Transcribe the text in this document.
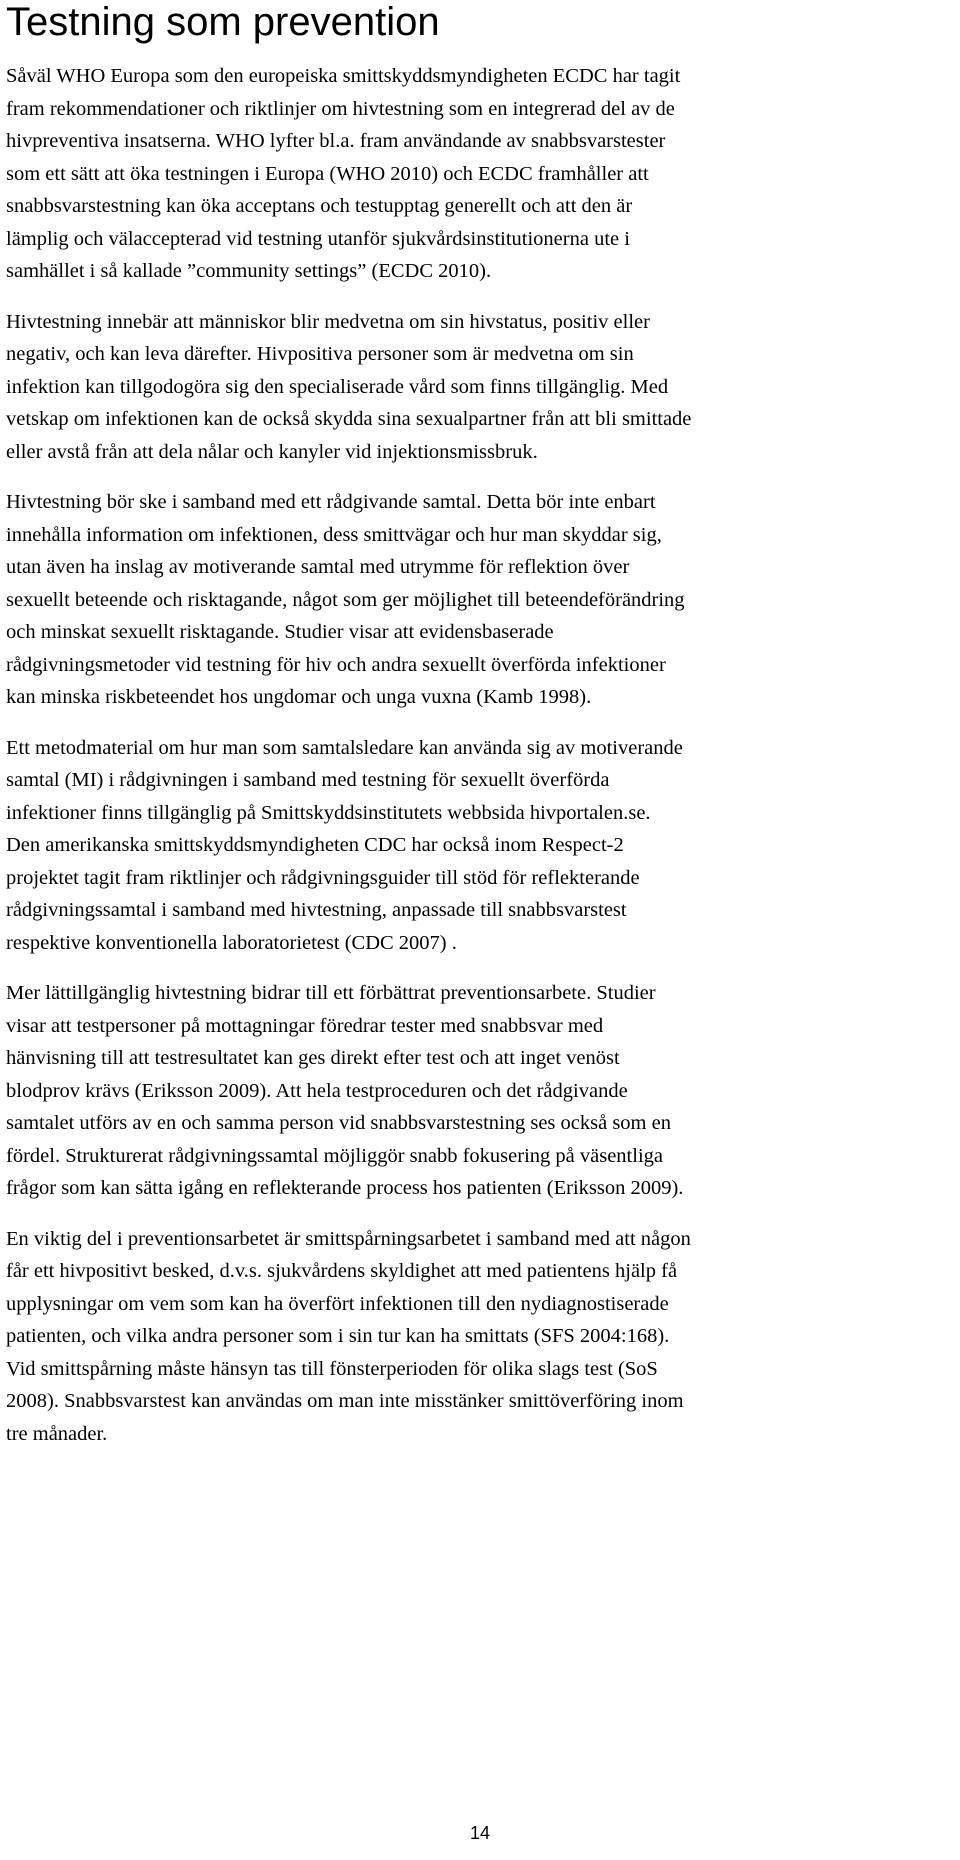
Testning som prevention

Såväl WHO Europa som den europeiska smittskyddsmyndigheten ECDC har tagit
fram rekommendationer och riktlinjer om hivtestning som en integrerad del av de
hivpreventiva insatserna. WHO lyfter bl.a. fram användande av snabbsvarstester
som ett sätt att öka testningen i Europa (WHO 2010) och ECDC framhåller att
snabbsvarstestning kan öka acceptans och testupptag generellt och att den är
lämplig och välaccepterad vid testning utanför sjukvårdsinstitutionerna ute i
samhället i så kallade ”community settings” (ECDC 2010).

Hivtestning innebär att människor blir medvetna om sin hivstatus, positiv eller
negativ, och kan leva därefter. Hivpositiva personer som är medvetna om sin
infektion kan tillgodogöra sig den specialiserade vård som finns tillgänglig. Med
vetskap om infektionen kan de också skydda sina sexualpartner från att bli smittade
eller avstå från att dela nålar och kanyler vid injektionsmissbruk.

Hivtestning bör ske i samband med ett rådgivande samtal. Detta bör inte enbart
innehålla information om infektionen, dess smittvägar och hur man skyddar sig,
utan även ha inslag av motiverande samtal med utrymme för reflektion över
sexuellt beteende och risktagande, något som ger möjlighet till beteendeförändring
och minskat sexuellt risktagande. Studier visar att evidensbaserade
rådgivningsmetoder vid testning för hiv och andra sexuellt överförda infektioner
kan minska riskbeteendet hos ungdomar och unga vuxna (Kamb 1998).

Ett metodmaterial om hur man som samtalsledare kan använda sig av motiverande
samtal (MI) i rådgivningen i samband med testning för sexuellt överförda
infektioner finns tillgänglig på Smittskyddsinstitutets webbsida hivportalen.se.
Den amerikanska smittskyddsmyndigheten CDC har också inom Respect-2
projektet tagit fram riktlinjer och rådgivningsguider till stöd för reflekterande
rådgivningssamtal i samband med hivtestning, anpassade till snabbsvarstest
respektive konventionella laboratorietest (CDC 2007) .

Mer lättillgänglig hivtestning bidrar till ett förbättrat preventionsarbete. Studier
visar att testpersoner på mottagningar föredrar tester med snabbsvar med
hänvisning till att testresultatet kan ges direkt efter test och att inget venöst
blodprov krävs (Eriksson 2009). Att hela testproceduren och det rådgivande
samtalet utförs av en och samma person vid snabbsvarstestning ses också som en
fördel. Strukturerat rådgivningssamtal möjliggör snabb fokusering på väsentliga
frågor som kan sätta igång en reflekterande process hos patienten (Eriksson 2009).

En viktig del i preventionsarbetet är smittspårningsarbetet i samband med att någon
får ett hivpositivt besked, d.v.s. sjukvårdens skyldighet att med patientens hjälp få
upplysningar om vem som kan ha överfört infektionen till den nydiagnostiserade
patienten, och vilka andra personer som i sin tur kan ha smittats (SFS 2004:168).
Vid smittspårning måste hänsyn tas till fönsterperioden för olika slags test (SoS
2008). Snabbsvarstest kan användas om man inte misstänker smittöverföring inom
tre månader.

14
